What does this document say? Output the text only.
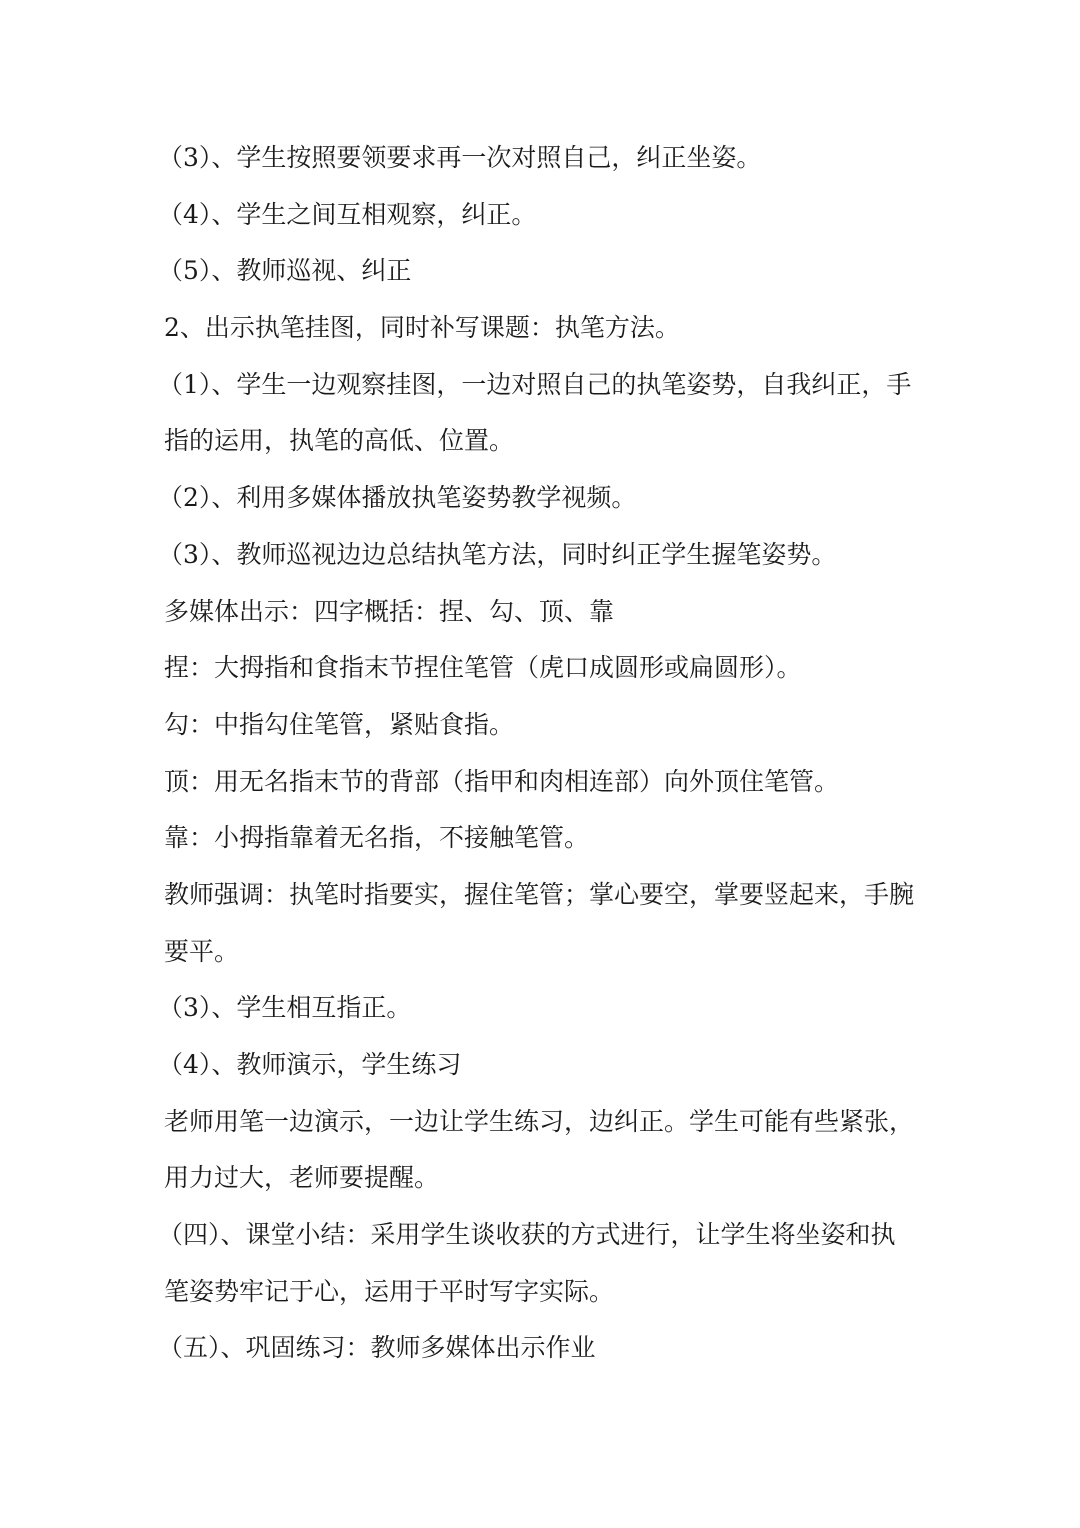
（3）、学生按照要领要求再一次对照自己，纠正坐姿。
（4）、学生之间互相观察，纠正。
（5）、教师巡视、纠正
2、出示执笔挂图，同时补写课题：执笔方法。
（1）、学生一边观察挂图，一边对照自己的执笔姿势，自我纠正，手
指的运用，执笔的高低、位置。
（2）、利用多媒体播放执笔姿势教学视频。
（3）、教师巡视边边总结执笔方法，同时纠正学生握笔姿势。
多媒体出示：四字概括：捏、勾、顶、靠
捏：大拇指和食指末节捏住笔管（虎口成圆形或扁圆形）。
勾：中指勾住笔管，紧贴食指。
顶：用无名指末节的背部（指甲和肉相连部）向外顶住笔管。
靠：小拇指靠着无名指，不接触笔管。
教师强调：执笔时指要实，握住笔管；掌心要空，掌要竖起来，手腕
要平。
（3）、学生相互指正。
（4）、教师演示，学生练习
老师用笔一边演示，一边让学生练习，边纠正。学生可能有些紧张，
用力过大，老师要提醒。
（四）、课堂小结：采用学生谈收获的方式进行，让学生将坐姿和执
笔姿势牢记于心，运用于平时写字实际。
（五）、巩固练习：教师多媒体出示作业
